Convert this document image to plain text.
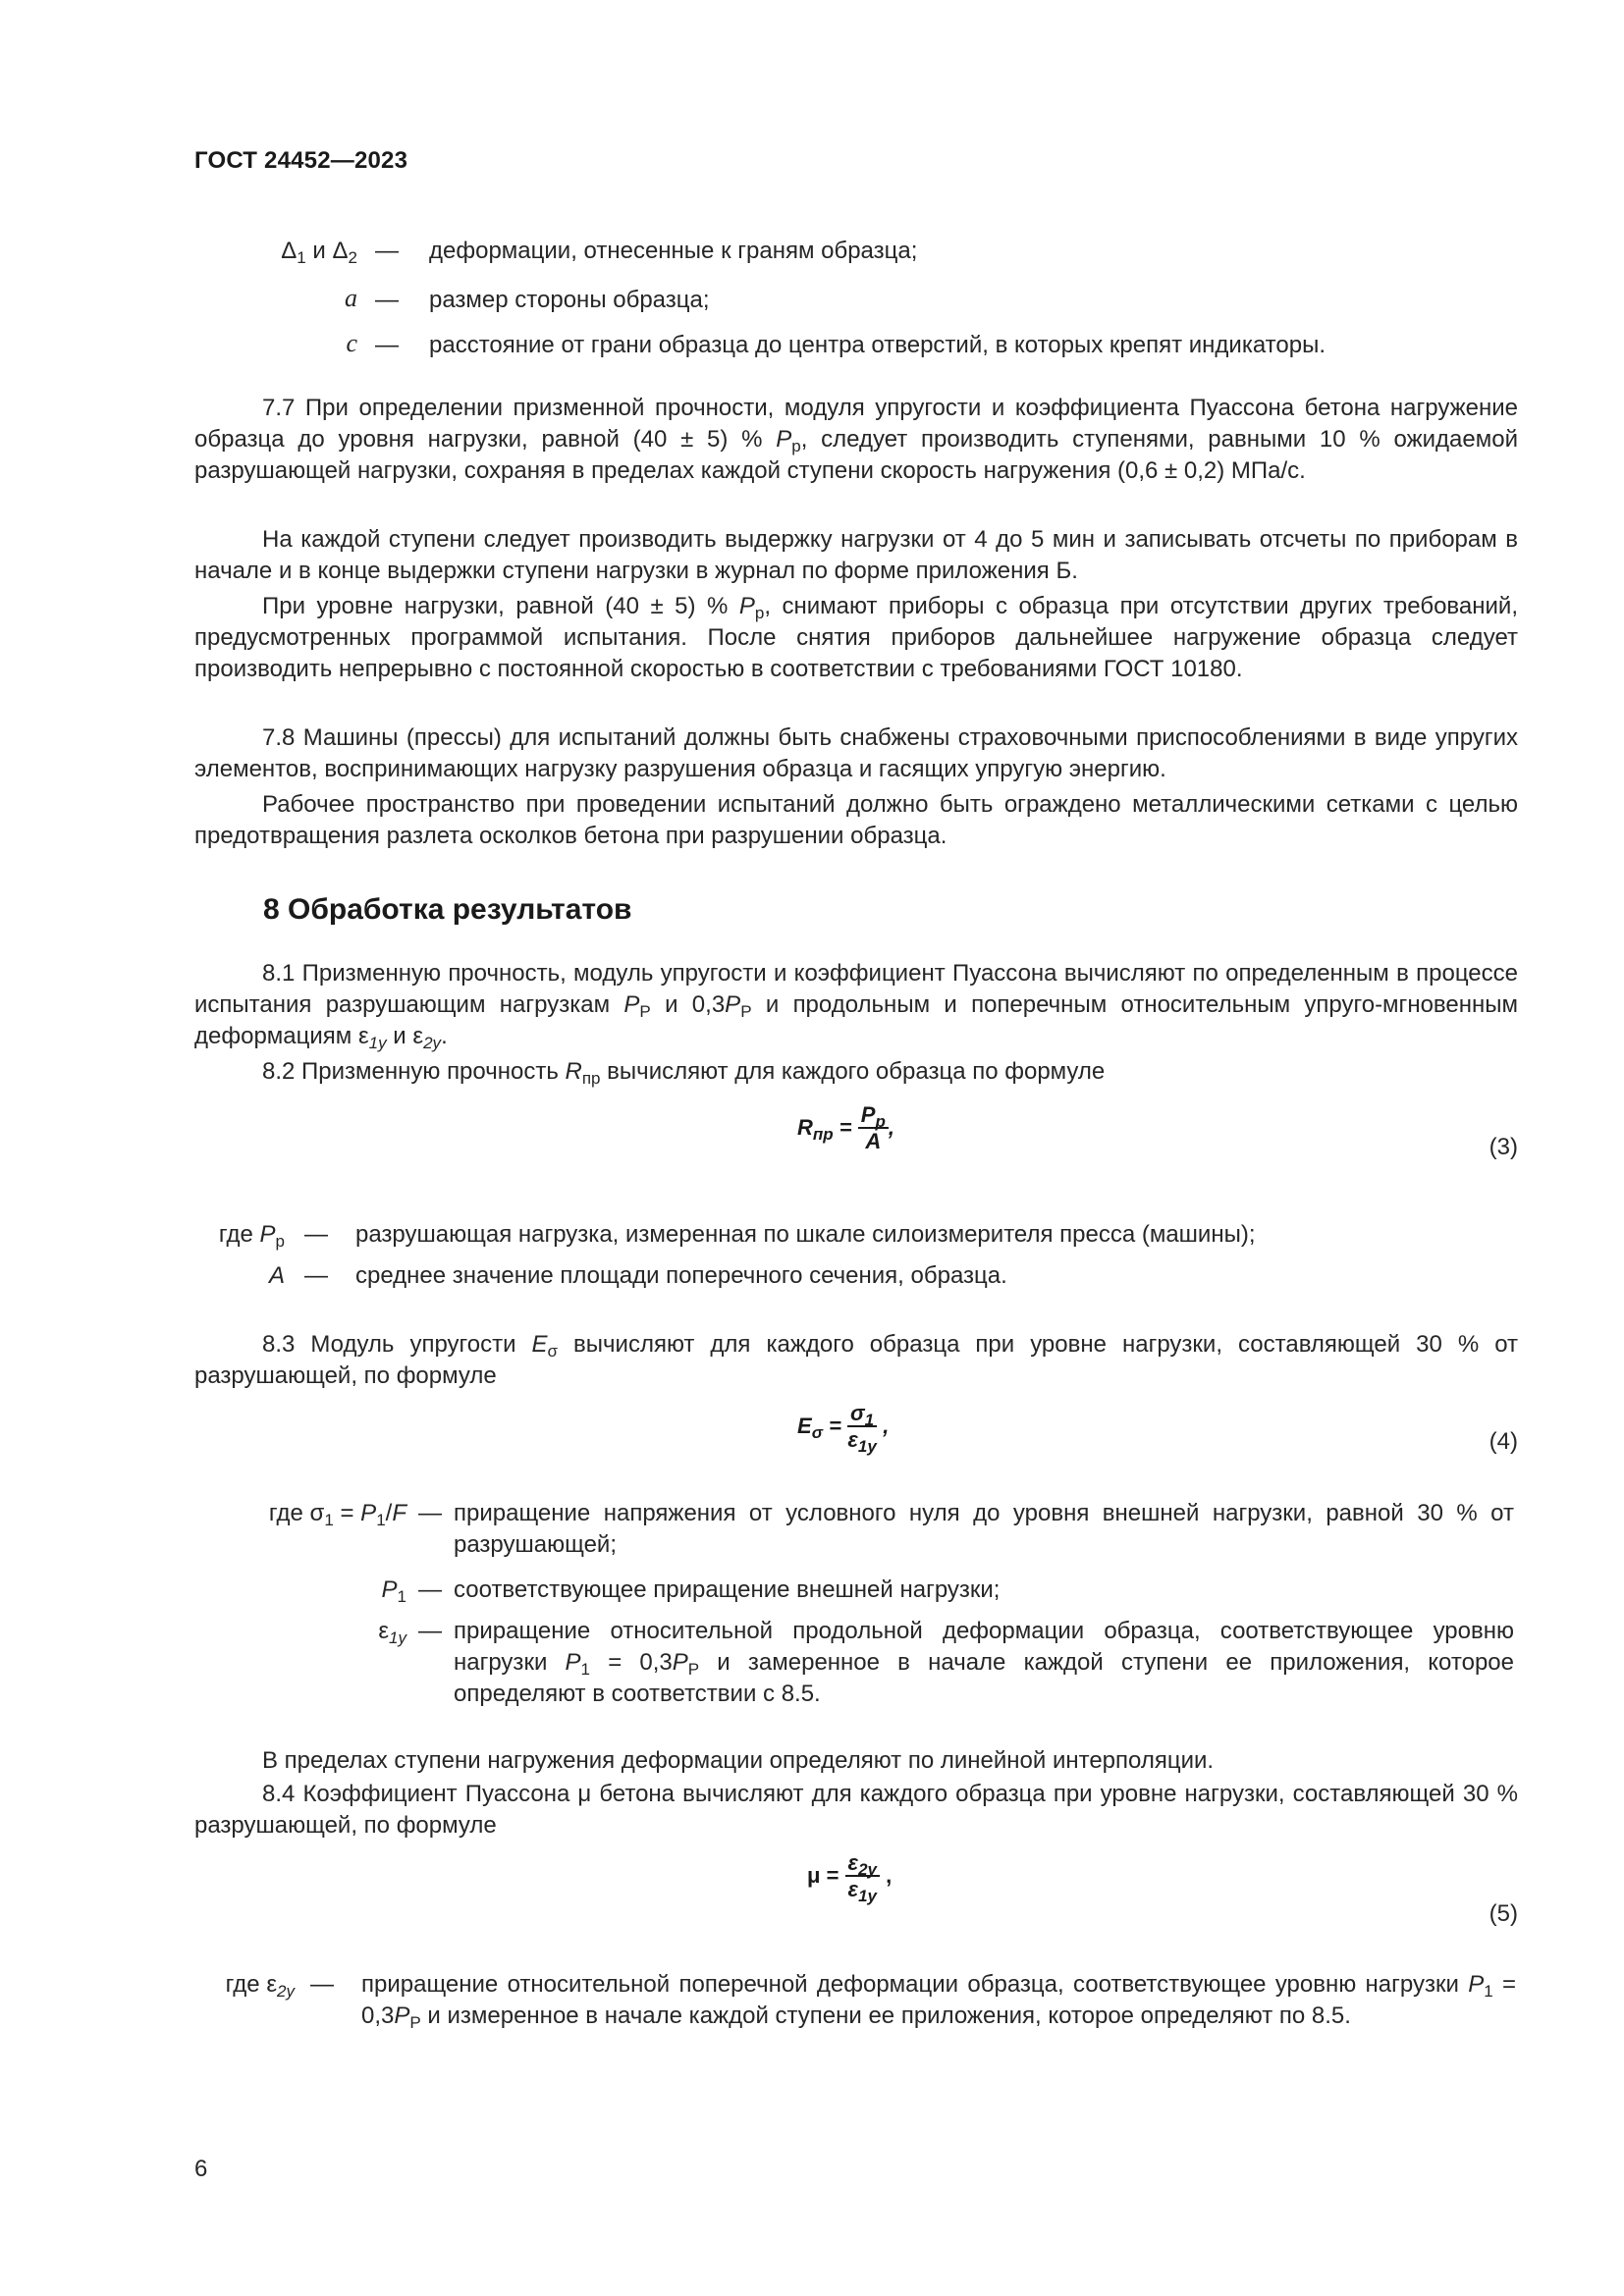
ГОСТ 24452—2023
$\Delta_1$ и $\Delta_2$ — деформации, отнесенные к граням образца;
a — размер стороны образца;
c — расстояние от грани образца до центра отверстий, в которых крепят индикаторы.
7.7 При определении призменной прочности, модуля упругости и коэффициента Пуассона бетона нагружение образца до уровня нагрузки, равной (40 ± 5) % $P_р$, следует производить ступенями, равными 10 % ожидаемой разрушающей нагрузки, сохраняя в пределах каждой ступени скорость нагружения (0,6 ± 0,2) МПа/с.
На каждой ступени следует производить выдержку нагрузки от 4 до 5 мин и записывать отсчеты по приборам в начале и в конце выдержки ступени нагрузки в журнал по форме приложения Б.
При уровне нагрузки, равной (40 ± 5) % $P_р$, снимают приборы с образца при отсутствии других требований, предусмотренных программой испытания. После снятия приборов дальнейшее нагружение образца следует производить непрерывно с постоянной скоростью в соответствии с требованиями ГОСТ 10180.
7.8 Машины (прессы) для испытаний должны быть снабжены страховочными приспособлениями в виде упругих элементов, воспринимающих нагрузку разрушения образца и гасящих упругую энергию.
Рабочее пространство при проведении испытаний должно быть ограждено металлическими сетками с целью предотвращения разлета осколков бетона при разрушении образца.
8 Обработка результатов
8.1 Призменную прочность, модуль упругости и коэффициент Пуассона вычисляют по определенным в процессе испытания разрушающим нагрузкам $P_Р$ и $0,3P_Р$ и продольным и поперечным относительным упруго-мгновенным деформациям $\varepsilon_{1y}$ и $\varepsilon_{2y}$.
8.2 Призменную прочность $R_{пр}$ вычисляют для каждого образца по формуле
$R_{пр} = \frac{P_р}{A}$ ,
(3)
где $P_р$ — разрушающая нагрузка, измеренная по шкале силоизмерителя пресса (машины);
A — среднее значение площади поперечного сечения, образца.
8.3 Модуль упругости $E_\sigma$ вычисляют для каждого образца при уровне нагрузки, составляющей 30 % от разрушающей, по формуле
$E_\sigma = \frac{\sigma_1}{\varepsilon_{1y}}$ ,
(4)
где $\sigma_1 = P_1/F$ — приращение напряжения от условного нуля до уровня внешней нагрузки, равной 30 % от разрушающей;
$P_1$ — соответствующее приращение внешней нагрузки;
$\varepsilon_{1y}$ — приращение относительной продольной деформации образца, соответствующее уровню нагрузки $P_1 = 0,3P_Р$ и замеренное в начале каждой ступени ее приложения, которое определяют в соответствии с 8.5.
В пределах ступени нагружения деформации определяют по линейной интерполяции.
8.4 Коэффициент Пуассона μ бетона вычисляют для каждого образца при уровне нагрузки, составляющей 30 % разрушающей, по формуле
$\mu = \frac{\varepsilon_{2y}}{\varepsilon_{1y}}$ ,
(5)
где $\varepsilon_{2y}$ — приращение относительной поперечной деформации образца, соответствующее уровню нагрузки $P_1 = 0,3P_Р$ и измеренное в начале каждой ступени ее приложения, которое определяют по 8.5.
6
